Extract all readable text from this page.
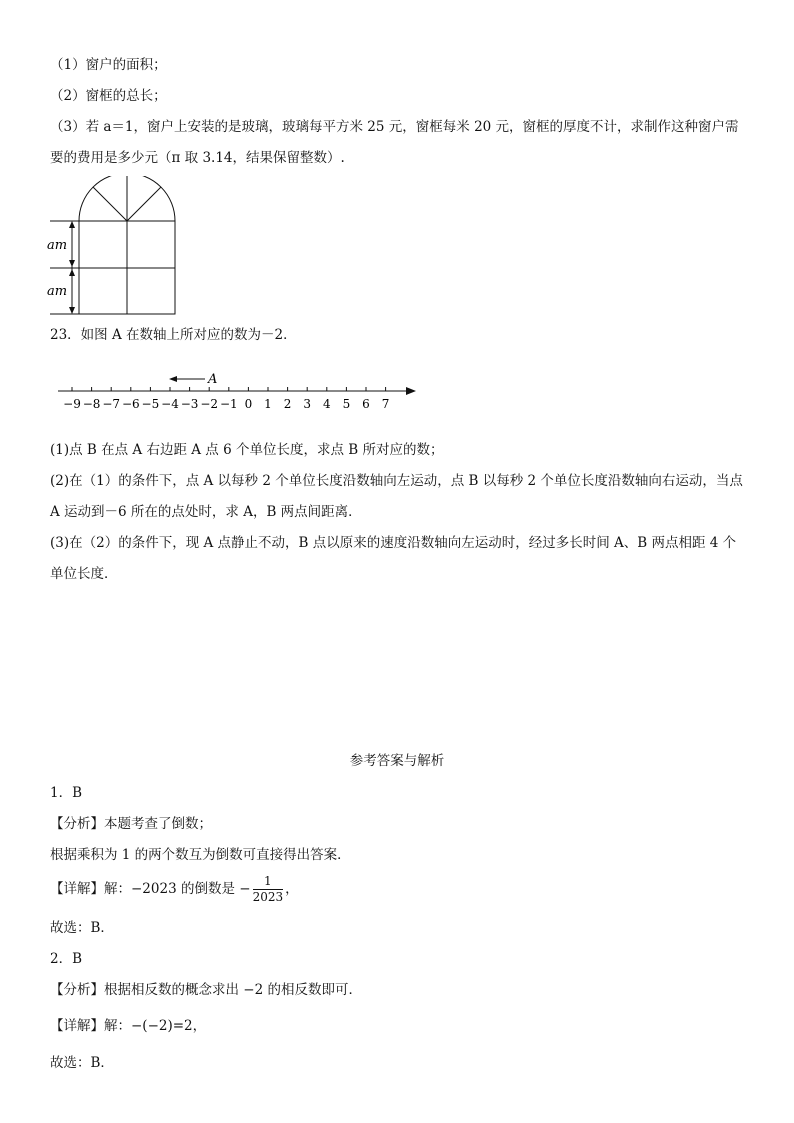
（1）窗户的面积；
（2）窗框的总长；
（3）若 a＝1，窗户上安装的是玻璃，玻璃每平方米 25 元，窗框每米 20 元，窗框的厚度不计，求制作这种窗户需
要的费用是多少元（π 取 3.14，结果保留整数）.
am
am
23．如图 A 在数轴上所对应的数为－2．
A
−9 −8 −7 −6 −5 −4 −3 −2 −1 0 1 2 3 4 5 6 7
(1)点 B 在点 A 右边距 A 点 6 个单位长度，求点 B 所对应的数；
(2)在（1）的条件下，点 A 以每秒 2 个单位长度沿数轴向左运动，点 B 以每秒 2 个单位长度沿数轴向右运动，当点
A 运动到－6 所在的点处时，求 A，B 两点间距离．
(3)在（2）的条件下，现 A 点静止不动，B 点以原来的速度沿数轴向左运动时，经过多长时间 A、B 两点相距 4 个
单位长度．
参考答案与解析
1．B
【分析】本题考查了倒数；
根据乘积为 1 的两个数互为倒数可直接得出答案．
【详解】解：−2023 的倒数是 − $\frac{1}{2023}$ ，
故选：B．
2．B
【分析】根据相反数的概念求出 −2 的相反数即可．
【详解】解：−(−2)=2，
故选：B．
